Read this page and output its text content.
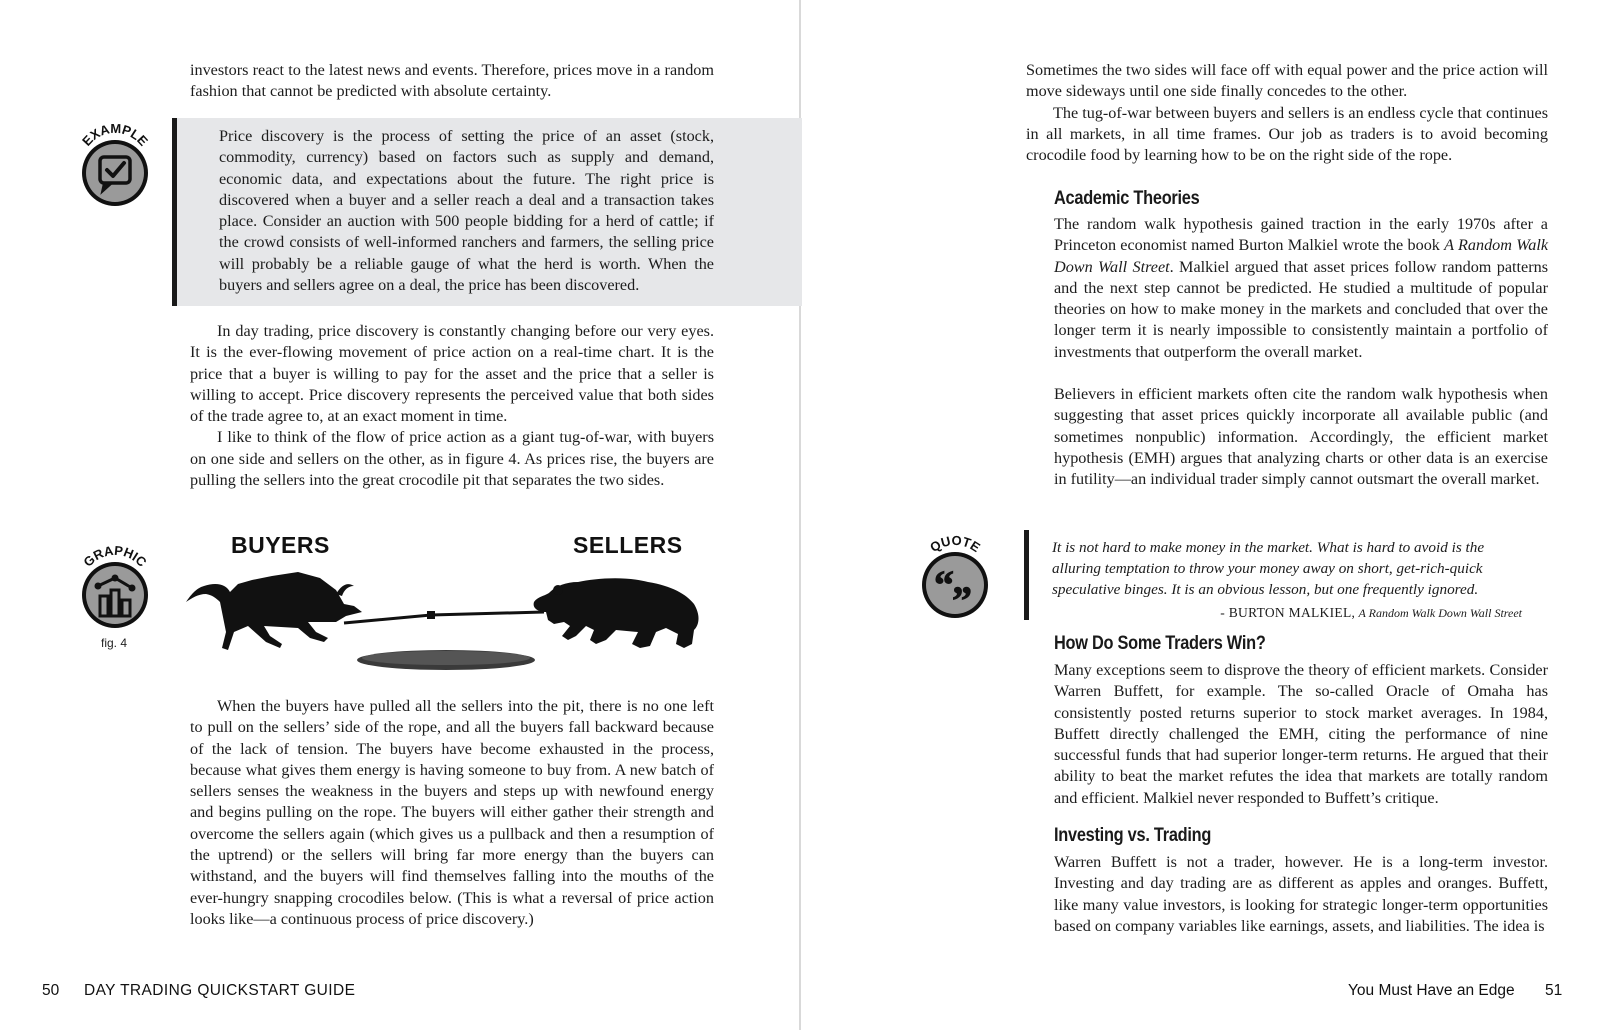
investors react to the latest news and events. Therefore, prices move in a random fashion that cannot be predicted with absolute certainty.

EXAMPLE	Price discovery is the process of setting the price of an asset (stock, commodity, currency) based on factors such as supply and demand, economic data, and expectations about the future. The right price is discovered when a buyer and a seller reach a deal and a transaction takes place. Consider an auction with 500 people bidding for a herd of cattle; if the crowd consists of well-informed ranchers and farmers, the selling price will probably be a reliable gauge of what the herd is worth. When the buyers and sellers agree on a deal, the price has been discovered.

In day trading, price discovery is constantly changing before our very eyes. It is the ever-flowing movement of price action on a real-time chart. It is the price that a buyer is willing to pay for the asset and the price that a seller is willing to accept. Price discovery represents the perceived value that both sides of the trade agree to, at an exact moment in time.

I like to think of the flow of price action as a giant tug-of-war, with buyers on one side and sellers on the other, as in figure 4. As prices rise, the buyers are pulling the sellers into the great crocodile pit that separates the two sides.

GRAPHIC
fig. 4
BUYERS	SELLERS

When the buyers have pulled all the sellers into the pit, there is no one left to pull on the sellers’ side of the rope, and all the buyers fall backward because of the lack of tension. The buyers have become exhausted in the process, because what gives them energy is having someone to buy from. A new batch of sellers senses the weakness in the buyers and steps up with newfound energy and begins pulling on the rope. The buyers will either gather their strength and overcome the sellers again (which gives us a pullback and then a resumption of the uptrend) or the sellers will bring far more energy than the buyers can withstand, and the buyers will find themselves falling into the mouths of the ever-hungry snapping crocodiles below. (This is what a reversal of price action looks like—a continuous process of price discovery.)

50 DAY TRADING QUICKSTART GUIDE

Sometimes the two sides will face off with equal power and the price action will move sideways until one side finally concedes to the other.

The tug-of-war between buyers and sellers is an endless cycle that continues in all markets, in all time frames. Our job as traders is to avoid becoming crocodile food by learning how to be on the right side of the rope.

Academic Theories

The random walk hypothesis gained traction in the early 1970s after a Princeton economist named Burton Malkiel wrote the book A Random Walk Down Wall Street. Malkiel argued that asset prices follow random patterns and the next step cannot be predicted. He studied a multitude of popular theories on how to make money in the markets and concluded that over the longer term it is nearly impossible to consistently maintain a portfolio of investments that outperform the overall market.

Believers in efficient markets often cite the random walk hypothesis when suggesting that asset prices quickly incorporate all available public (and sometimes nonpublic) information. Accordingly, the efficient market hypothesis (EMH) argues that analyzing charts or other data is an exercise in futility—an individual trader simply cannot outsmart the overall market.

QUOTE
“
”
It is not hard to make money in the market. What is hard to avoid is the alluring temptation to throw your money away on short, get-rich-quick speculative binges. It is an obvious lesson, but one frequently ignored.
- BURTON MALKIEL, A Random Walk Down Wall Street
How Do Some Traders Win?

Many exceptions seem to disprove the theory of efficient markets. Consider Warren Buffett, for example. The so-called Oracle of Omaha has consistently posted returns superior to stock market averages. In 1984, Buffett directly challenged the EMH, citing the performance of nine successful funds that had superior longer-term returns. He argued that their ability to beat the market refutes the idea that markets are totally random and efficient. Malkiel never responded to Buffett’s critique.

Investing vs. Trading

Warren Buffett is not a trader, however. He is a long-term investor. Investing and day trading are as different as apples and oranges. Buffett, like many value investors, is looking for strategic longer-term opportunities based on company variables like earnings, assets, and liabilities. The idea is

You Must Have an Edge 51
